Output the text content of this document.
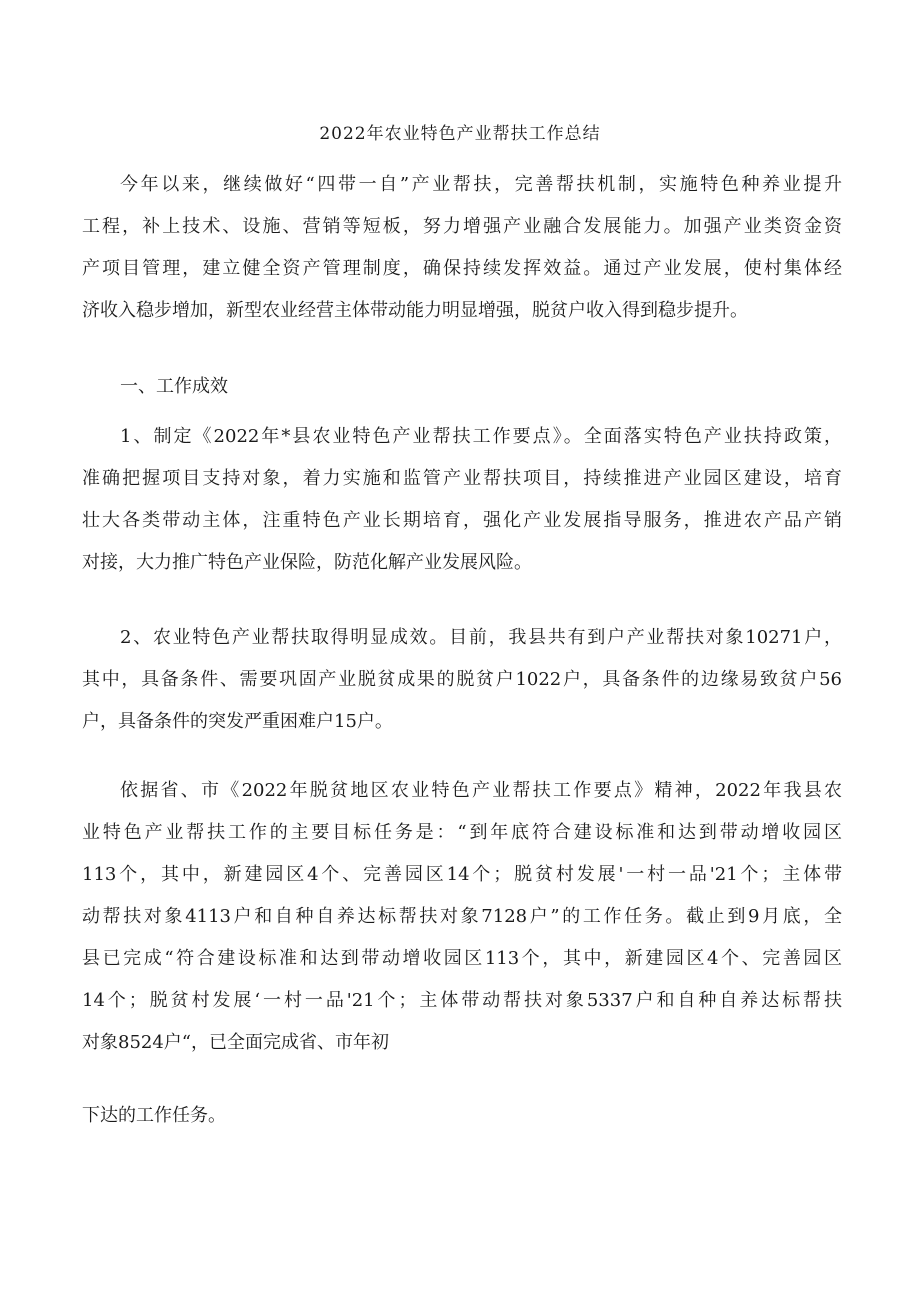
2022年农业特色产业帮扶工作总结
今年以来，继续做好“四带一自”产业帮扶，完善帮扶机制，实施特色种养业提升
工程，补上技术、设施、营销等短板，努力增强产业融合发展能力。加强产业类资金资
产项目管理，建立健全资产管理制度，确保持续发挥效益。通过产业发展，使村集体经
济收入稳步增加，新型农业经营主体带动能力明显增强，脱贫户收入得到稳步提升。
一、工作成效
1、制定《2022年*县农业特色产业帮扶工作要点》。全面落实特色产业扶持政策，
准确把握项目支持对象，着力实施和监管产业帮扶项目，持续推进产业园区建设，培育
壮大各类带动主体，注重特色产业长期培育，强化产业发展指导服务，推进农产品产销
对接，大力推广特色产业保险，防范化解产业发展风险。
2、农业特色产业帮扶取得明显成效。目前，我县共有到户产业帮扶对象10271户，
其中，具备条件、需要巩固产业脱贫成果的脱贫户1022户，具备条件的边缘易致贫户56
户，具备条件的突发严重困难户15户。
依据省、市《2022年脱贫地区农业特色产业帮扶工作要点》精神，2022年我县农
业特色产业帮扶工作的主要目标任务是：“到年底符合建设标准和达到带动增收园区
113个，其中，新建园区4个、完善园区14个；脱贫村发展'一村一品'21个；主体带
动帮扶对象4113户和自种自养达标帮扶对象7128户”的工作任务。截止到9月底，全
县已完成“符合建设标准和达到带动增收园区113个，其中，新建园区4个、完善园区
14个；脱贫村发展‘一村一品'21个；主体带动帮扶对象5337户和自种自养达标帮扶
对象8524户“，已全面完成省、市年初
下达的工作任务。
